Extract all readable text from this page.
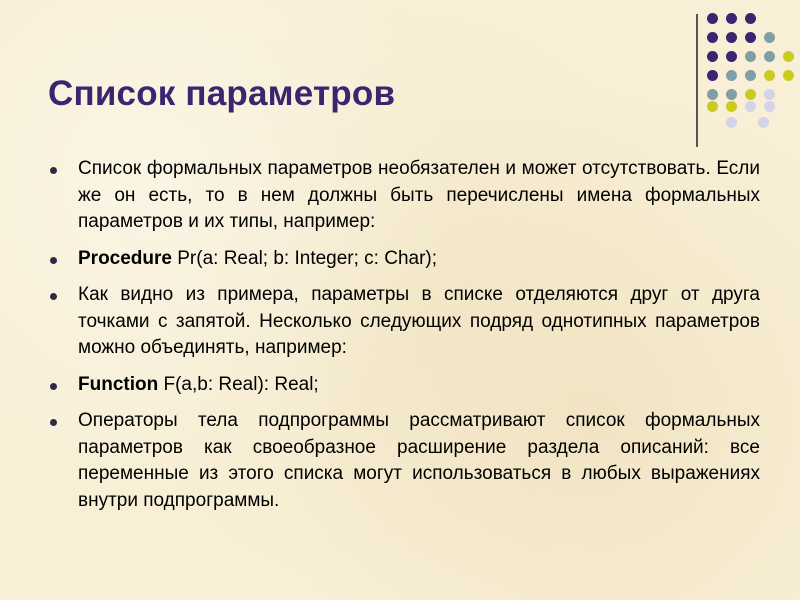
Список параметров
Список формальных параметров необязателен и может отсутствовать. Если же он есть, то в нем должны быть перечислены имена формальных параметров и их типы, например:
Procedure Pr(a: Real; b: Integer; c: Char);
Как видно из примера, параметры в списке отделяются друг от друга точками с запятой. Несколько следующих подряд однотипных параметров можно объединять, например:
Function F(a,b: Real): Real;
Операторы тела подпрограммы рассматривают список формальных параметров как своеобразное расширение раздела описаний: все переменные из этого списка могут использоваться в любых выражениях внутри подпрограммы.
